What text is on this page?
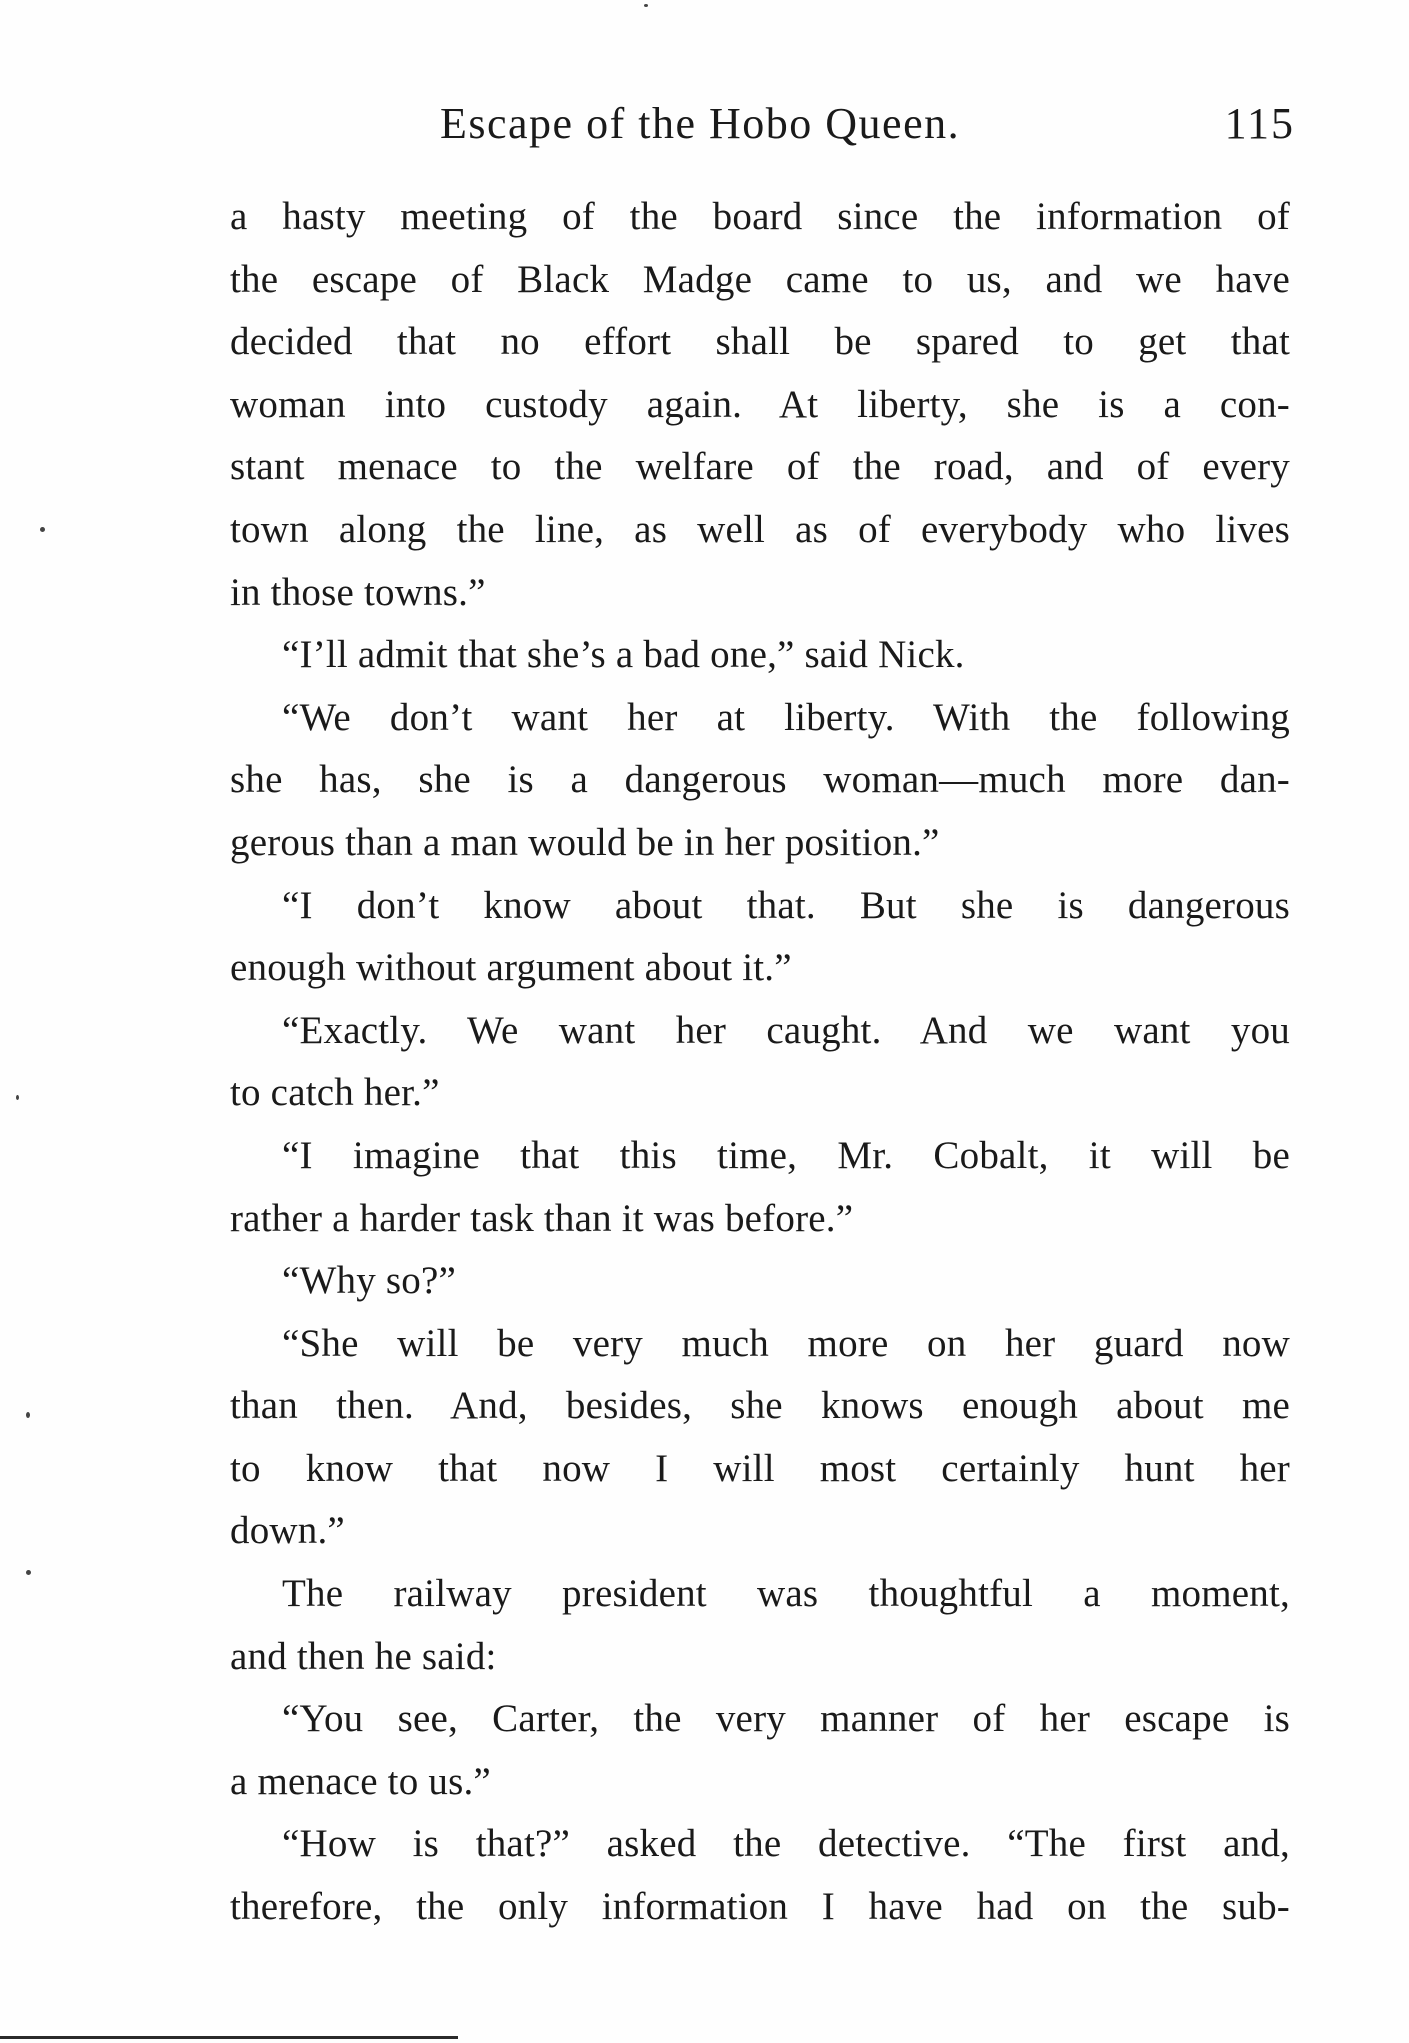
Escape of the Hobo Queen.	115
a hasty meeting of the board since the information of
the escape of Black Madge came to us, and we have
decided that no effort shall be spared to get that
woman into custody again. At liberty, she is a con-
stant menace to the welfare of the road, and of every
town along the line, as well as of everybody who lives
in those towns.”
“I’ll admit that she’s a bad one,” said Nick.
“We don’t want her at liberty. With the following
she has, she is a dangerous woman—much more dan-
gerous than a man would be in her position.”
“I don’t know about that. But she is dangerous
enough without argument about it.”
“Exactly. We want her caught. And we want you
to catch her.”
“I imagine that this time, Mr. Cobalt, it will be
rather a harder task than it was before.”
“Why so?”
“She will be very much more on her guard now
than then. And, besides, she knows enough about me
to know that now I will most certainly hunt her
down.”
The railway president was thoughtful a moment,
and then he said:
“You see, Carter, the very manner of her escape is
a menace to us.”
“How is that?” asked the detective. “The first and,
therefore, the only information I have had on the sub-
